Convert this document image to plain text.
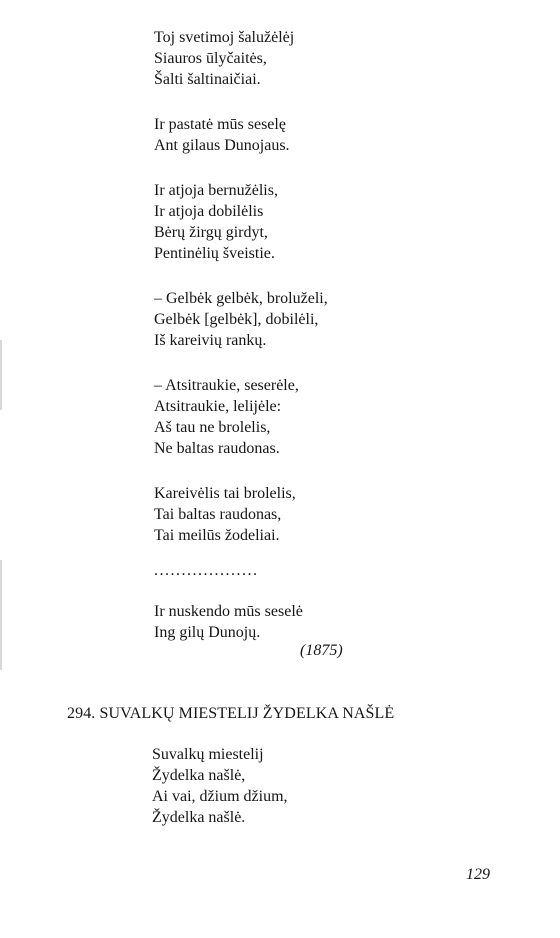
Toj svetimoj šalužėlėj
Siauros ūlyčaitės,
Šalti šaltinaičiai.
Ir pastatė mūs seselę
Ant gilaus Dunojaus.
Ir atjoja bernužėlis,
Ir atjoja dobilėlis
Bėrų žirgų girdyt,
Pentinėlių šveistie.
– Gelbėk gelbėk, broluželi,
Gelbėk [gelbėk], dobilėli,
Iš kareivių rankų.
– Atsitraukie, seserėle,
Atsitraukie, lelijėle:
Aš tau ne brolelis,
Ne baltas raudonas.
Kareivėlis tai brolelis,
Tai baltas raudonas,
Tai meilūs žodeliai.
...................
Ir nuskendo mūs seselė
Ing gilų Dunojų.
(1875)
294. SUVALKŲ MIESTELIJ ŽYDELKA NAŠLĖ
Suvalkų miestelij
Žydelka našlė,
Ai vai, džium džium,
Žydelka našlė.
129
